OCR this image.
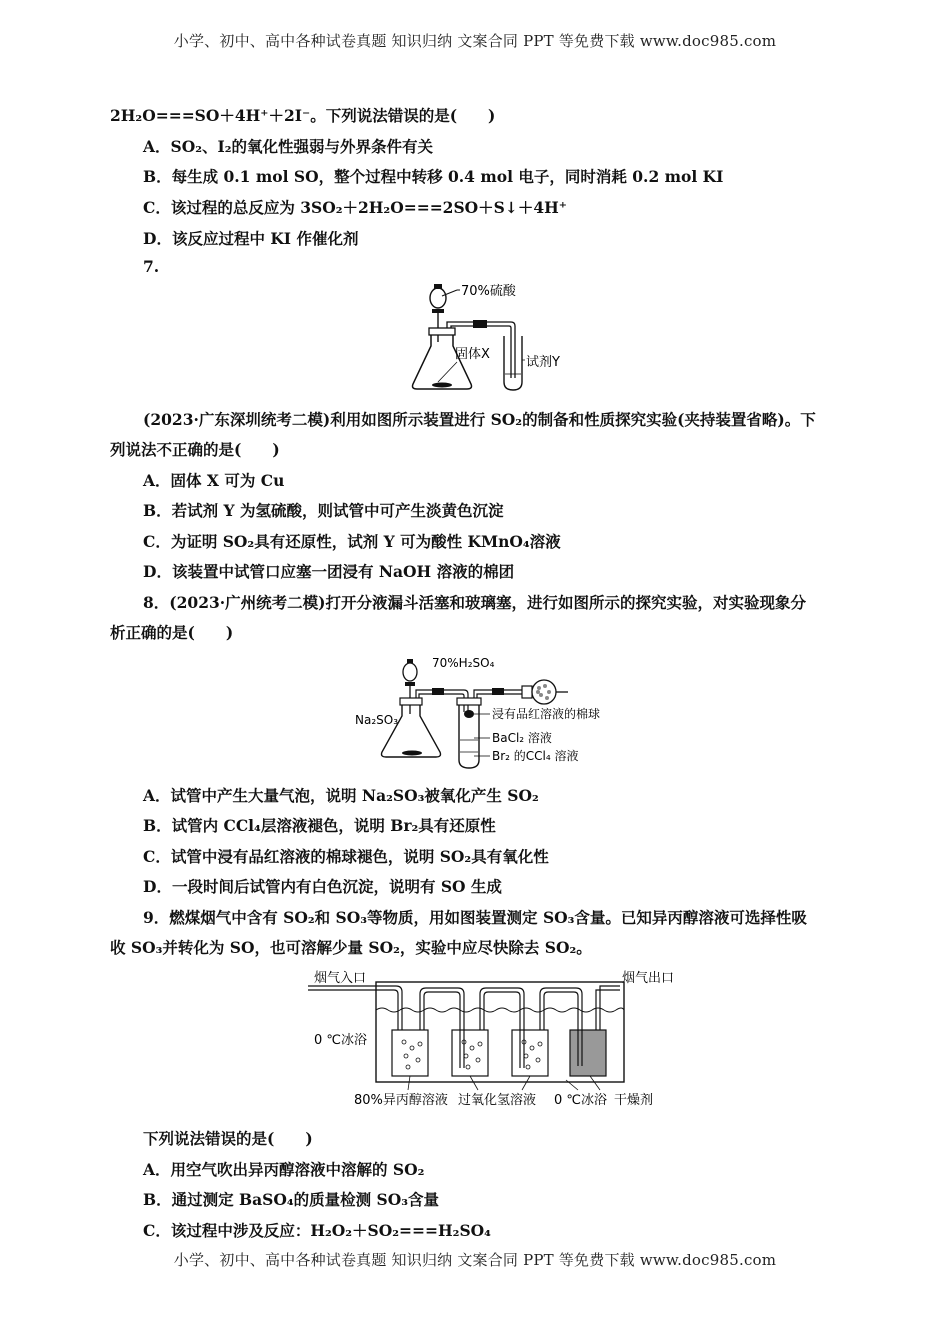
小学、初中、高中各种试卷真题 知识归纳 文案合同 PPT 等免费下载 www.doc985.com
2H₂O===SO＋4H⁺＋2I⁻。下列说法错误的是(　　)
A．SO₂、I₂的氧化性强弱与外界条件有关
B．每生成 0.1 mol SO，整个过程中转移 0.4 mol 电子，同时消耗 0.2 mol KI
C．该过程的总反应为 3SO₂＋2H₂O===2SO＋S↓＋4H⁺
D．该反应过程中 KI 作催化剂
7.
70%硫酸
固体X
试剂Y
(2023·广东深圳统考二模)利用如图所示装置进行 SO₂的制备和性质探究实验(夹持装置省略)。下
列说法不正确的是(　　)
A．固体 X 可为 Cu
B．若试剂 Y 为氢硫酸，则试管中可产生淡黄色沉淀
C．为证明 SO₂具有还原性，试剂 Y 可为酸性 KMnO₄溶液
D．该装置中试管口应塞一团浸有 NaOH 溶液的棉团
8．(2023·广州统考二模)打开分液漏斗活塞和玻璃塞，进行如图所示的探究实验，对实验现象分
析正确的是(　　)
70%H₂SO₄
Na₂SO₃	浸有品红溶液的棉球
BaCl₂ 溶液
Br₂ 的CCl₄ 溶液
A．试管中产生大量气泡，说明 Na₂SO₃被氧化产生 SO₂
B．试管内 CCl₄层溶液褪色，说明 Br₂具有还原性
C．试管中浸有品红溶液的棉球褪色，说明 SO₂具有氧化性
D．一段时间后试管内有白色沉淀，说明有 SO 生成
9．燃煤烟气中含有 SO₂和 SO₃等物质，用如图装置测定 SO₃含量。已知异丙醇溶液可选择性吸
收 SO₃并转化为 SO，也可溶解少量 SO₂，实验中应尽快除去 SO₂。
烟气入口	烟气出口
0 ℃冰浴
80%异丙醇溶液 过氧化氢溶液 0 ℃冰浴 干燥剂
下列说法错误的是(　　)
A．用空气吹出异丙醇溶液中溶解的 SO₂
B．通过测定 BaSO₄的质量检测 SO₃含量
C．该过程中涉及反应：H₂O₂＋SO₂===H₂SO₄
小学、初中、高中各种试卷真题 知识归纳 文案合同 PPT 等免费下载 www.doc985.com
